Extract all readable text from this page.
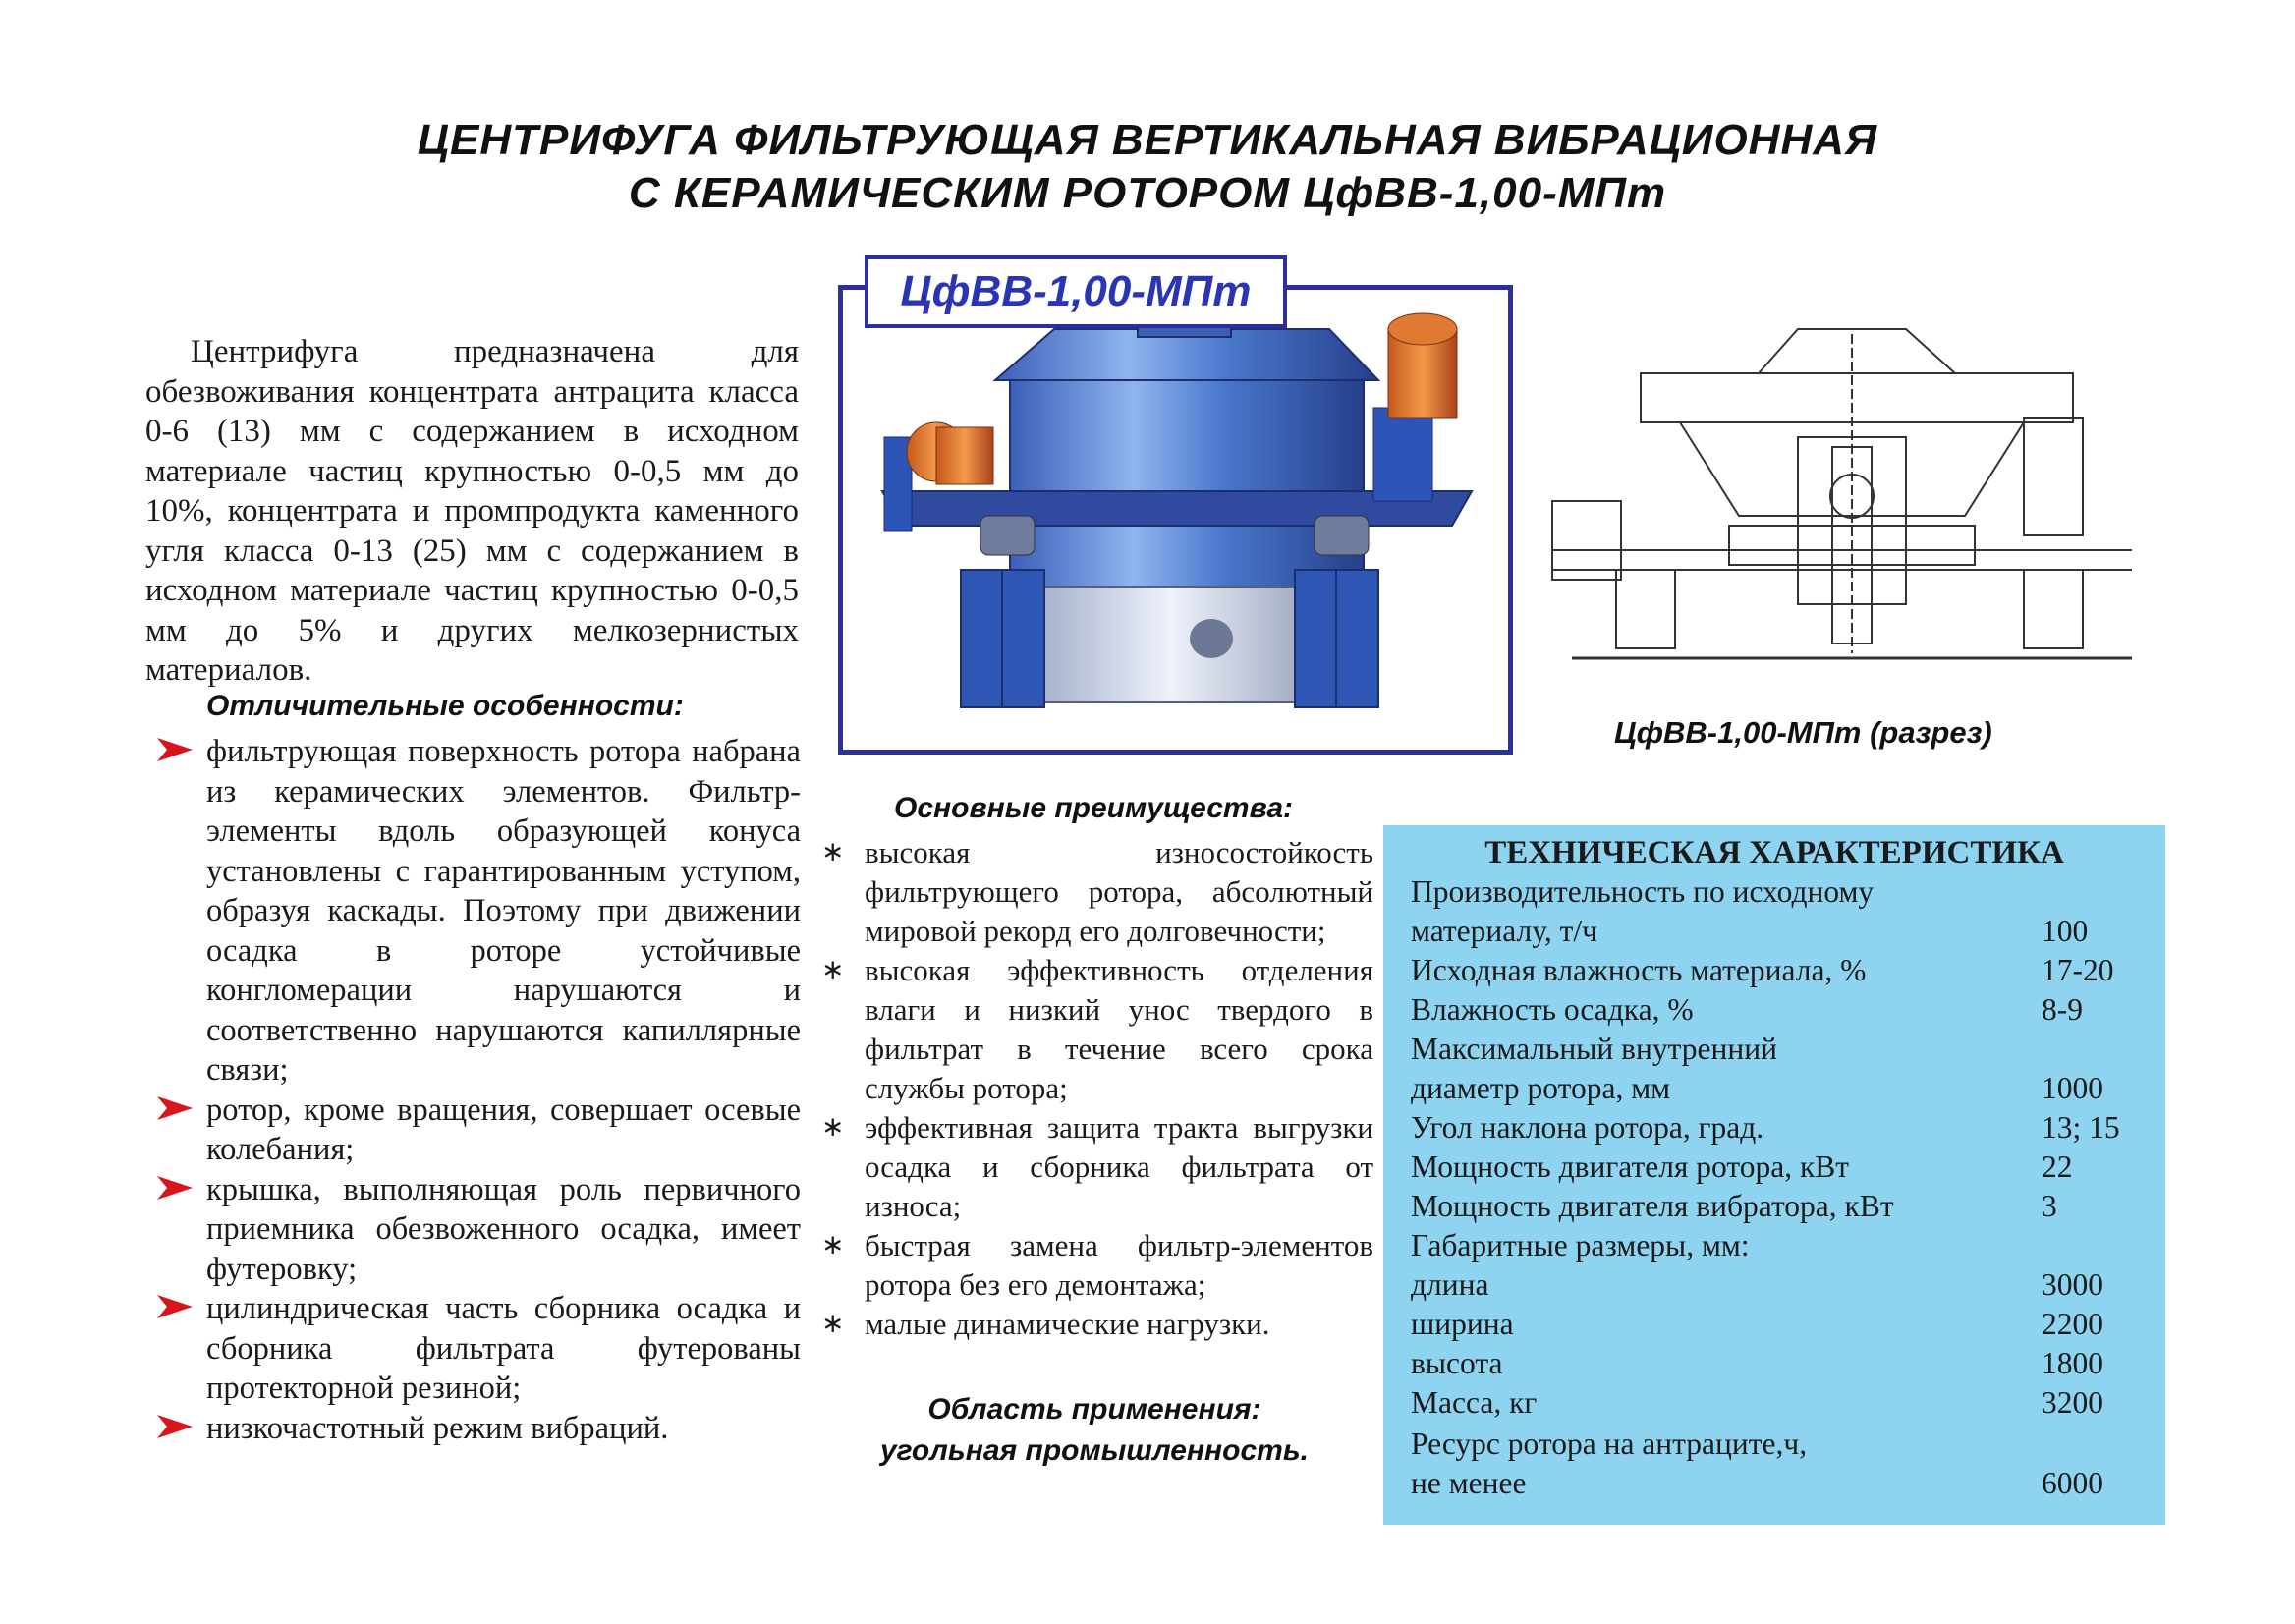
ЦЕНТРИФУГА ФИЛЬТРУЮЩАЯ ВЕРТИКАЛЬНАЯ ВИБРАЦИОННАЯ
С КЕРАМИЧЕСКИМ РОТОРОМ ЦфВВ-1,00-МПт

Центрифуга предназначена для обезвоживания концентрата антрацита класса 0-6 (13) мм с содержанием в исходном материале частиц крупностью 0-0,5 мм до 10%, концентрата и промпродукта каменного угля класса 0-13 (25) мм с содержанием в исходном материале частиц крупностью 0-0,5 мм до 5% и других мелкозернистых материалов.

Отличительные особенности:
фильтрующая поверхность ротора набрана из керамических элементов. Фильтр-элементы вдоль образующей конуса установлены с гарантированным уступом, образуя каскады. Поэтому при движении осадка в роторе устойчивые конгломерации нарушаются и соответственно нарушаются капиллярные связи;
ротор, кроме вращения, совершает осевые колебания;
крышка, выполняющая роль первичного приемника обезвоженного осадка, имеет футеровку;
цилиндрическая часть сборника осадка и сборника фильтрата футерованы протекторной резиной;
низкочастотный режим вибраций.
ЦфВВ-1,00-МПт
ЦфВВ-1,00-МПт (разрез)
Основные преимущества:
∗ высокая износостойкость фильтрующего ротора, абсолютный мировой рекорд его долговечности;
∗ высокая эффективность отделения влаги и низкий унос твердого в фильтрат в течение всего срока службы ротора;
∗ эффективная защита тракта выгрузки осадка и сборника фильтрата от износа;
∗ быстрая замена фильтр-элементов ротора без его демонтажа;
∗ малые динамические нагрузки.
Область применения:
угольная промышленность.
ТЕХНИЧЕСКАЯ ХАРАКТЕРИСТИКА
Производительность по исходному
материалу, т/ч	100
Исходная влажность материала, %	17-20
Влажность осадка, %	8-9
Максимальный внутренний
диаметр ротора, мм	1000
Угол наклона ротора, град.	13; 15
Мощность двигателя ротора, кВт	22
Мощность двигателя вибратора, кВт	3
Габаритные размеры, мм:
длина	3000
ширина	2200
высота	1800
Масса, кг	3200
Ресурс ротора на антраците,ч,
не менее	6000
